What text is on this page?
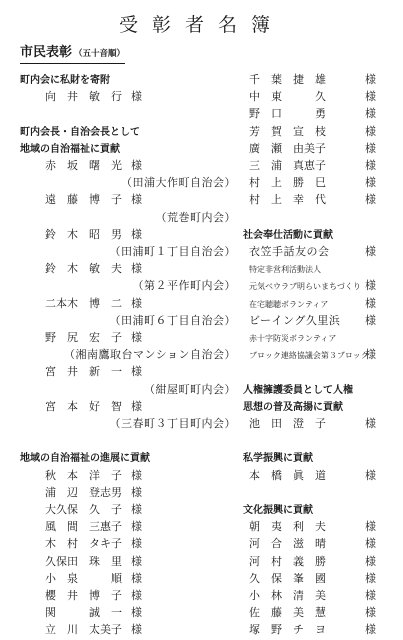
受彰者名簿
市民表彰 （五十音順）
町内会に私財を寄附
向　井　敏　行 様
町内会長・自治会長として
地域の自治福祉に貢献
赤　坂　曙　光 様
（田浦大作町自治会）
遠　藤　博　子 様
（荒巻町内会）
鈴　木　昭　男 様
（田浦町１丁目自治会）
鈴　木　敏　夫 様
（第２平作町内会）
二本木　博　二 様
（田浦町６丁目自治会）
野　尻　宏　子 様
（湘南鷹取台マンション自治会）
宮　井　新　一 様
（紺屋町町内会）
宮　本　好　智 様
（三春町３丁目町内会）
地域の自治福祉の進展に貢献
秋　本　洋　子 様
浦　辺　登志男 様
大久保　久　子 様
風　間　三惠子 様
木　村　タキ子 様
久保田　珠　里 様
小　泉　　　順 様
櫻　井　博　子 様
関　　　誠　一 様
立　川　太美子 様
千　葉　捷　雄	様
中　東　　　久	様
野　口　　　勇	様
芳　賀　宣　枝	様
廣　瀬　由美子	様
三　浦　真恵子	様
村　上　勝　巳	様
村　上　幸　代	様
社会奉仕活動に貢献
衣笠手話友の会	様
特定非営利活動法人
元気ベウラブ明らいまちづくり 様
在宅聴聴ボランティア	様
ビーイング久里浜 様
赤十字防災ボランティア
ブロック連絡協議会第３ブロック
様
人権擁護委員として人権
思想の普及高揚に貢献
池　田　澄　子	様
私学振興に貢献
本　橋　眞　道	様
文化振興に貢献
朝　夷　利　夫	様
河　合　滋　晴	様
河　村　義　勝	様
久　保　峯　國	様
小　林　清　美	様
佐　藤　美　慧	様
塚　野　チ　ヨ	様
